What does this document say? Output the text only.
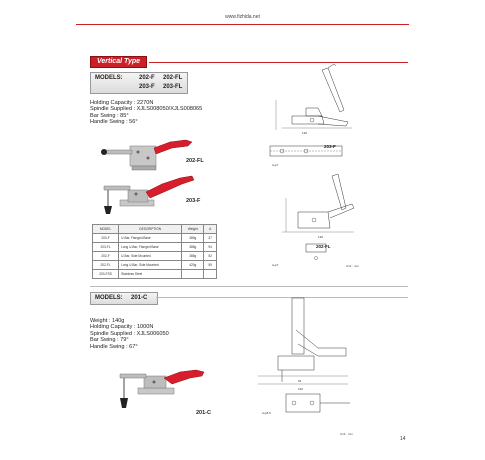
www.fizhida.net
Vertical Type
MODELS:	202-F 202-FL
203-F 203-FL
Holding Capacity : 2270N
Spindle Supplied : XJLS008050/XJLS008065
Bar Swing : 85°
Handle Swing : 56°
202-FL
203-F
130
4-φ7
203-F
130
4-φ7
202-FL
Unit : mm
MODEL	DESCRIPTION	Weight	A
203-F	U-Bar, Flanged Base	380g	37
203-FL	Long U-Bar, Flanged Base	385g	94
202-F	U-Bar, Side Mounted	385g	52
202-FL	Long U-Bar, Side Mounted	420g	59
203-FSS	Stainless Steel		
MODELS: 201-C
Weight : 140g
Holding Capacity : 1000N
Spindle Supplied : XJLS006050
Bar Swing : 79°
Handle Swing : 67°
201-C
62
192
4-φ5.5
Unit : mm
14
